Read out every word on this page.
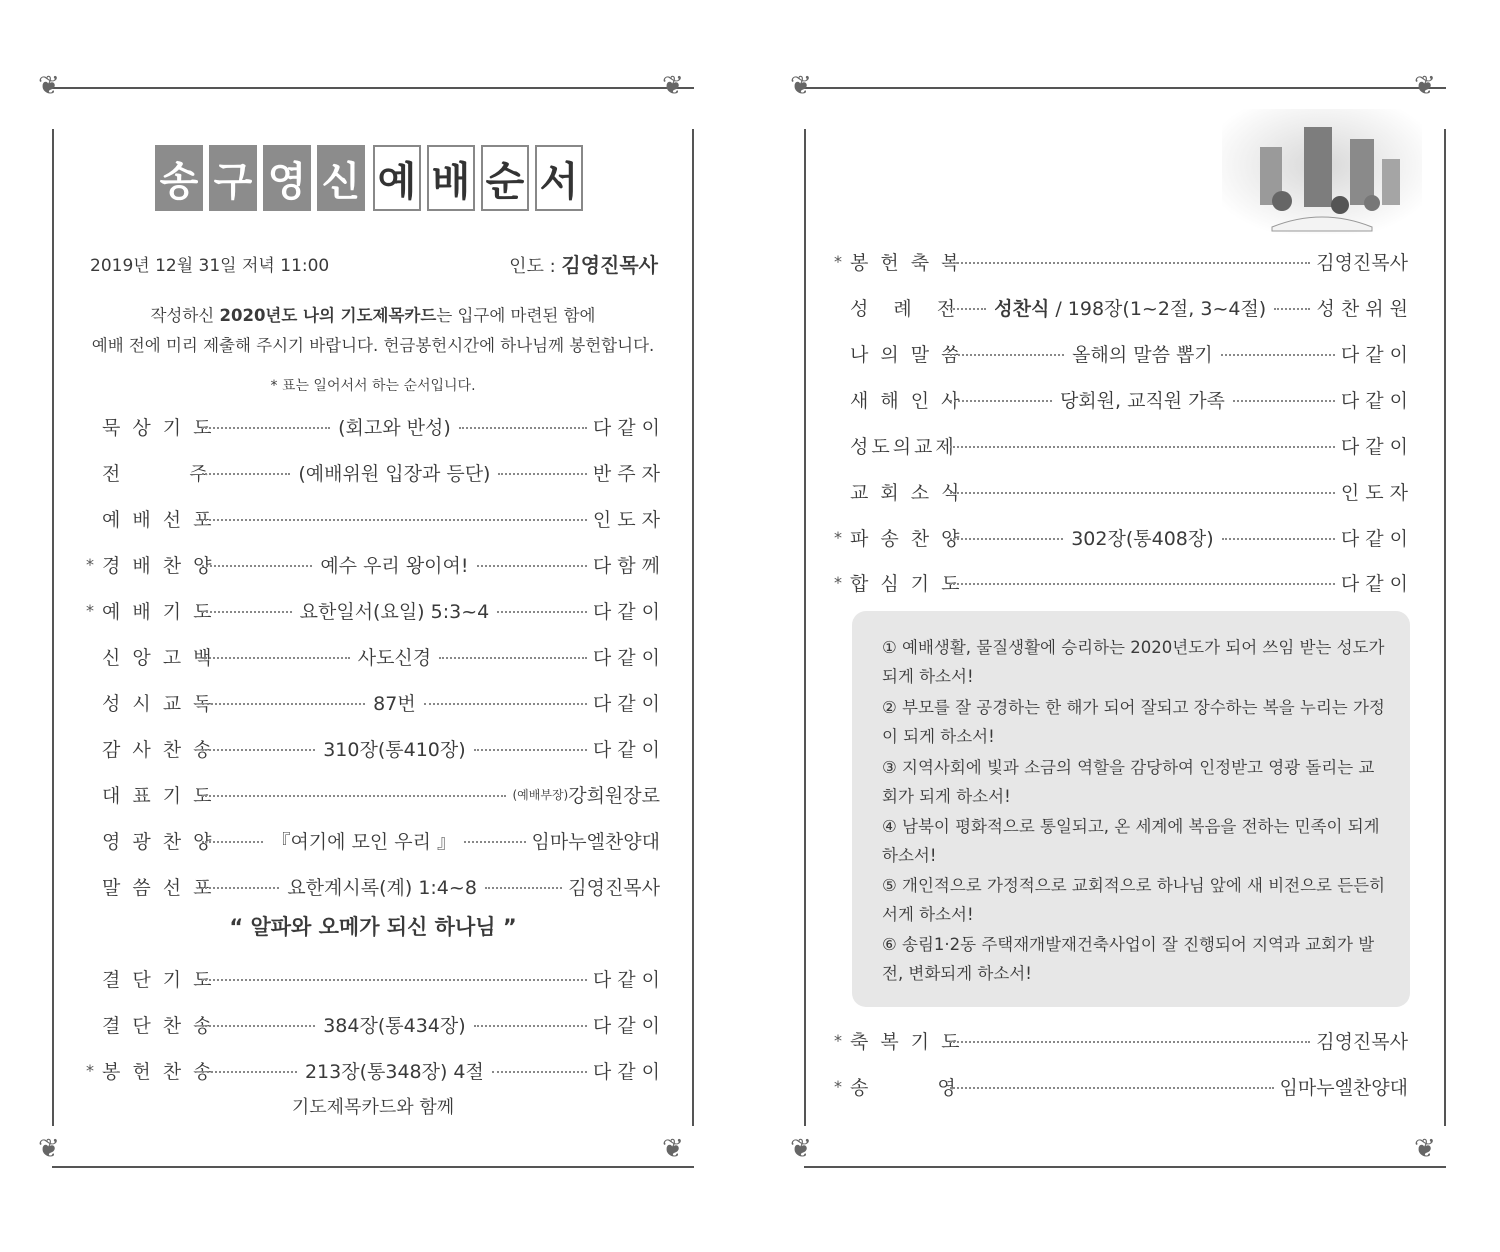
❦	❦
❦	❦
송 구 영 신 예 배 순 서
2019년 12월 31일 저녁 11:00	인도 : 김영진목사
작성하신 2020년도 나의 기도제목카드는 입구에 마련된 함에
예배 전에 미리 제출해 주시기 바랍니다. 헌금봉헌시간에 하나님께 봉헌합니다.
* 표는 일어서서 하는 순서입니다.
묵 상 기 도	(회고와 반성)	다 같 이
전　　　주	(예배위원 입장과 등단)	반 주 자
예 배 선 포	인 도 자
* 경 배 찬 양	예수 우리 왕이여!	다 함 께
* 예 배 기 도	요한일서(요일) 5:3~4	다 같 이
신 앙 고 백	사도신경	다 같 이
성 시 교 독	87번	다 같 이
감 사 찬 송	310장(통410장)	다 같 이
대 표 기 도	(예배부장) 강희원장로
영 광 찬 양	『여기에 모인 우리 』	임마누엘찬양대
말 씀 선 포	요한계시록(계) 1:4~8	김영진목사
결 단 기 도	다 같 이
결 단 찬 송	384장(통434장)	다 같 이
* 봉 헌 찬 송	213장(통348장) 4절	다 같 이
“ 알파와 오메가 되신 하나님 ”
기도제목카드와 함께
❦	❦
❦	❦
* 봉 헌 축 복	김영진목사
성　례　전 성찬식 / 198장(1~2절, 3~4절)	성 찬 위 원
나 의 말 씀	올해의 말씀 뽑기	다 같 이
새 해 인 사	당회원, 교직원 가족	다 같 이
성도의교제	다 같 이
교 회 소 식	인 도 자
* 파 송 찬 양	302장(통408장)	다 같 이
* 합 심 기 도	다 같 이
① 예배생활, 물질생활에 승리하는 2020년도가 되어 쓰임 받는 성도가 되게 하소서!
② 부모를 잘 공경하는 한 해가 되어 잘되고 장수하는 복을 누리는 가정이 되게 하소서!
③ 지역사회에 빛과 소금의 역할을 감당하여 인정받고 영광 돌리는 교회가 되게 하소서!
④ 남북이 평화적으로 통일되고, 온 세계에 복음을 전하는 민족이 되게 하소서!
⑤ 개인적으로 가정적으로 교회적으로 하나님 앞에 새 비전으로 든든히 서게 하소서!
⑥ 송림1·2동 주택재개발재건축사업이 잘 진행되어 지역과 교회가 발전, 변화되게 하소서!
* 축 복 기 도	김영진목사
* 송　　　영	임마누엘찬양대
